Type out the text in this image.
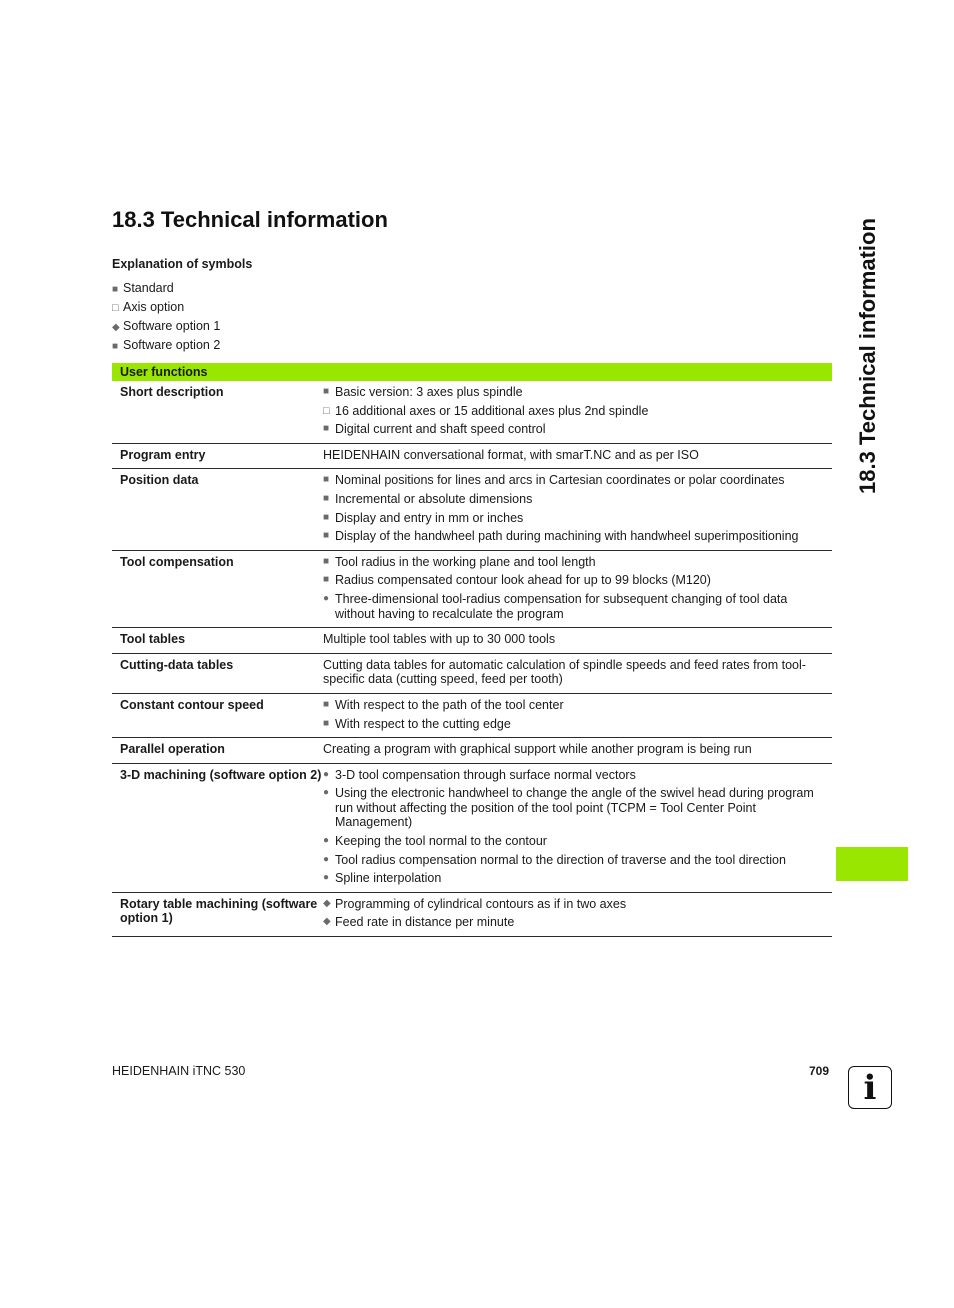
18.3 Technical information
Explanation of symbols
■ Standard
□ Axis option
◆ Software option 1
■ Software option 2
User functions
Short description	■ Basic version: 3 axes plus spindle
□ 16 additional axes or 15 additional axes plus 2nd spindle
■ Digital current and shaft speed control
Program entry	HEIDENHAIN conversational format, with smarT.NC and as per ISO
Position data	■ Nominal positions for lines and arcs in Cartesian coordinates or polar coordinates
■ Incremental or absolute dimensions
■ Display and entry in mm or inches
■ Display of the handwheel path during machining with handwheel superimpositioning
Tool compensation	■ Tool radius in the working plane and tool length
■ Radius compensated contour look ahead for up to 99 blocks (M120)
● Three-dimensional tool-radius compensation for subsequent changing of tool data without having to recalculate the program
Tool tables	Multiple tool tables with up to 30 000 tools
Cutting-data tables	Cutting data tables for automatic calculation of spindle speeds and feed rates from tool-specific data (cutting speed, feed per tooth)
Constant contour speed	■ With respect to the path of the tool center
■ With respect to the cutting edge
Parallel operation	Creating a program with graphical support while another program is being run
3-D machining (software option 2) ● 3-D tool compensation through surface normal vectors
● Using the electronic handwheel to change the angle of the swivel head during program run without affecting the position of the tool point (TCPM = Tool Center Point Management)
● Keeping the tool normal to the contour
● Tool radius compensation normal to the direction of traverse and the tool direction
● Spline interpolation
Rotary table machining (software option 1)
◆ Programming of cylindrical contours as if in two axes
◆ Feed rate in distance per minute
18.3 Technical information
HEIDENHAIN iTNC 530	709 i
